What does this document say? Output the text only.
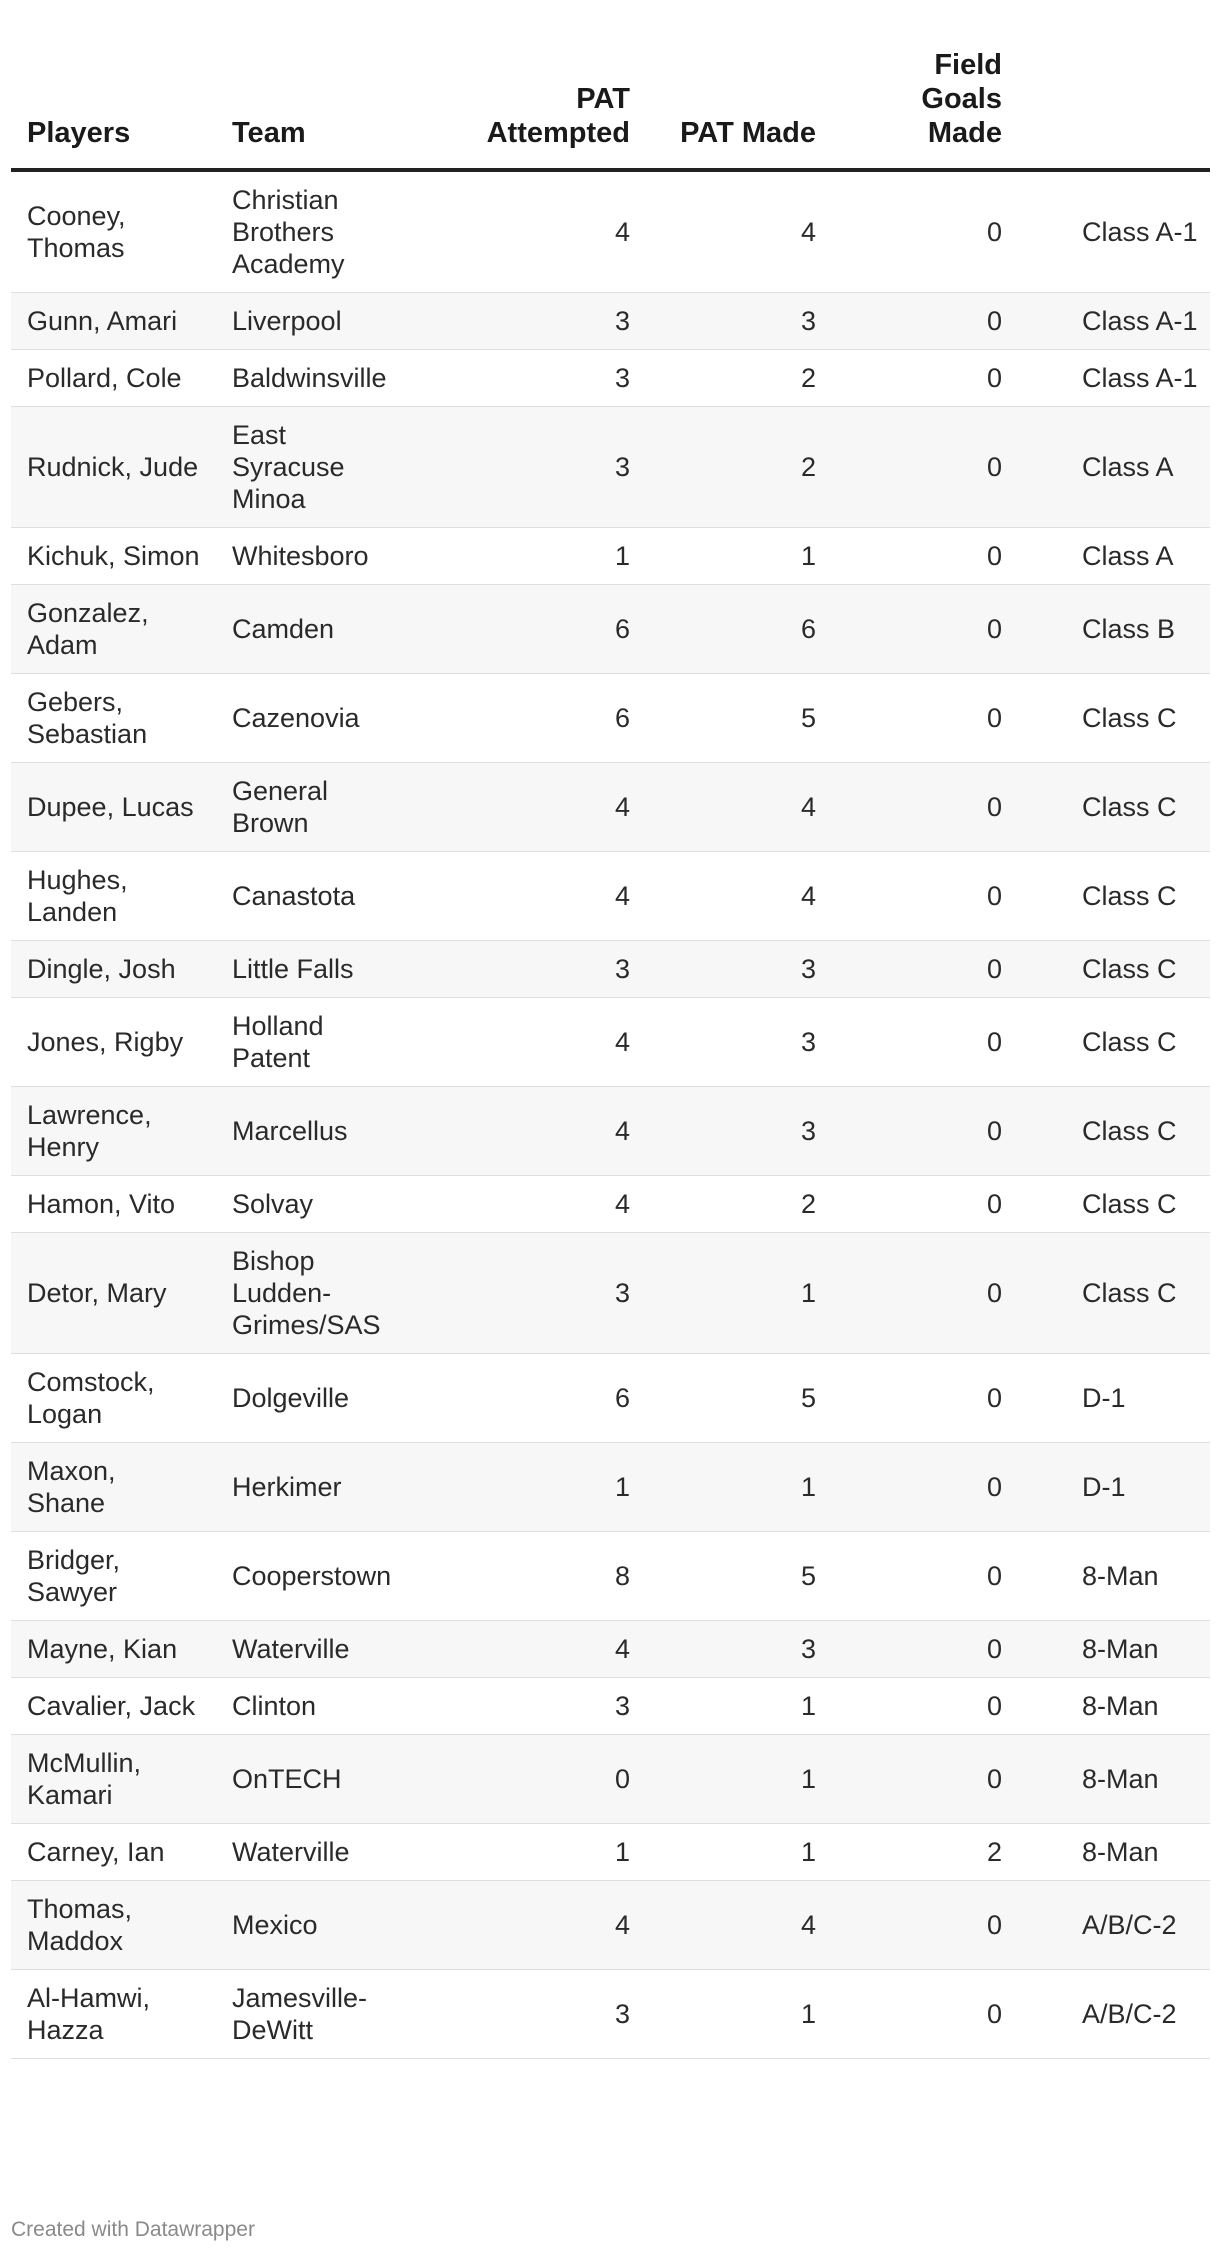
Players	Team	PAT Attempted	PAT Made	Field Goals Made	
Cooney, Thomas	Christian Brothers Academy	4	4	0	Class A-1
Gunn, Amari	Liverpool	3	3	0	Class A-1
Pollard, Cole	Baldwinsville	3	2	0	Class A-1
Rudnick, Jude	East Syracuse Minoa	3	2	0	Class A
Kichuk, Simon	Whitesboro	1	1	0	Class A
Gonzalez, Adam	Camden	6	6	0	Class B
Gebers, Sebastian	Cazenovia	6	5	0	Class C
Dupee, Lucas	General Brown	4	4	0	Class C
Hughes, Landen	Canastota	4	4	0	Class C
Dingle, Josh	Little Falls	3	3	0	Class C
Jones, Rigby	Holland Patent	4	3	0	Class C
Lawrence, Henry	Marcellus	4	3	0	Class C
Hamon, Vito	Solvay	4	2	0	Class C
Detor, Mary	Bishop Ludden-Grimes/SAS	3	1	0	Class C
Comstock, Logan	Dolgeville	6	5	0	D-1
Maxon, Shane	Herkimer	1	1	0	D-1
Bridger, Sawyer	Cooperstown	8	5	0	8-Man
Mayne, Kian	Waterville	4	3	0	8-Man
Cavalier, Jack	Clinton	3	1	0	8-Man
McMullin, Kamari	OnTECH	0	1	0	8-Man
Carney, Ian	Waterville	1	1	2	8-Man
Thomas, Maddox	Mexico	4	4	0	A/B/C-2
Al-Hamwi, Hazza	Jamesville-DeWitt	3	1	0	A/B/C-2
Created with Datawrapper
